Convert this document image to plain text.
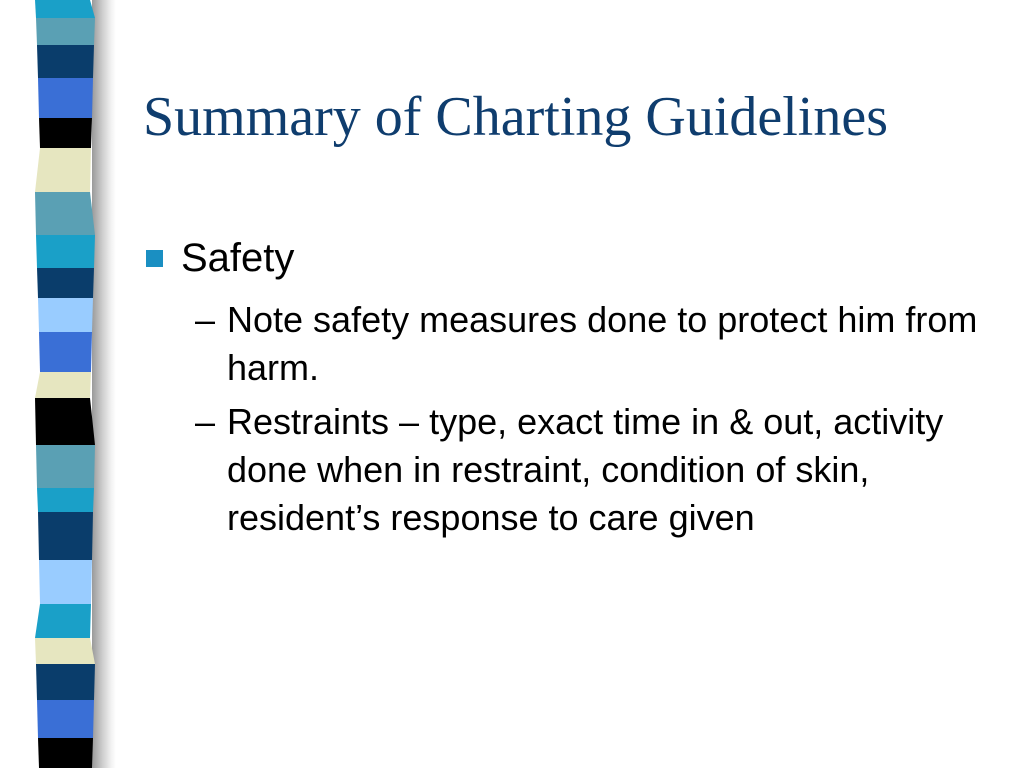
Summary of Charting Guidelines
Safety
– Note safety measures done to protect him from harm.
– Restraints – type, exact time in & out, activity done when in restraint, condition of skin, resident’s response to care given
